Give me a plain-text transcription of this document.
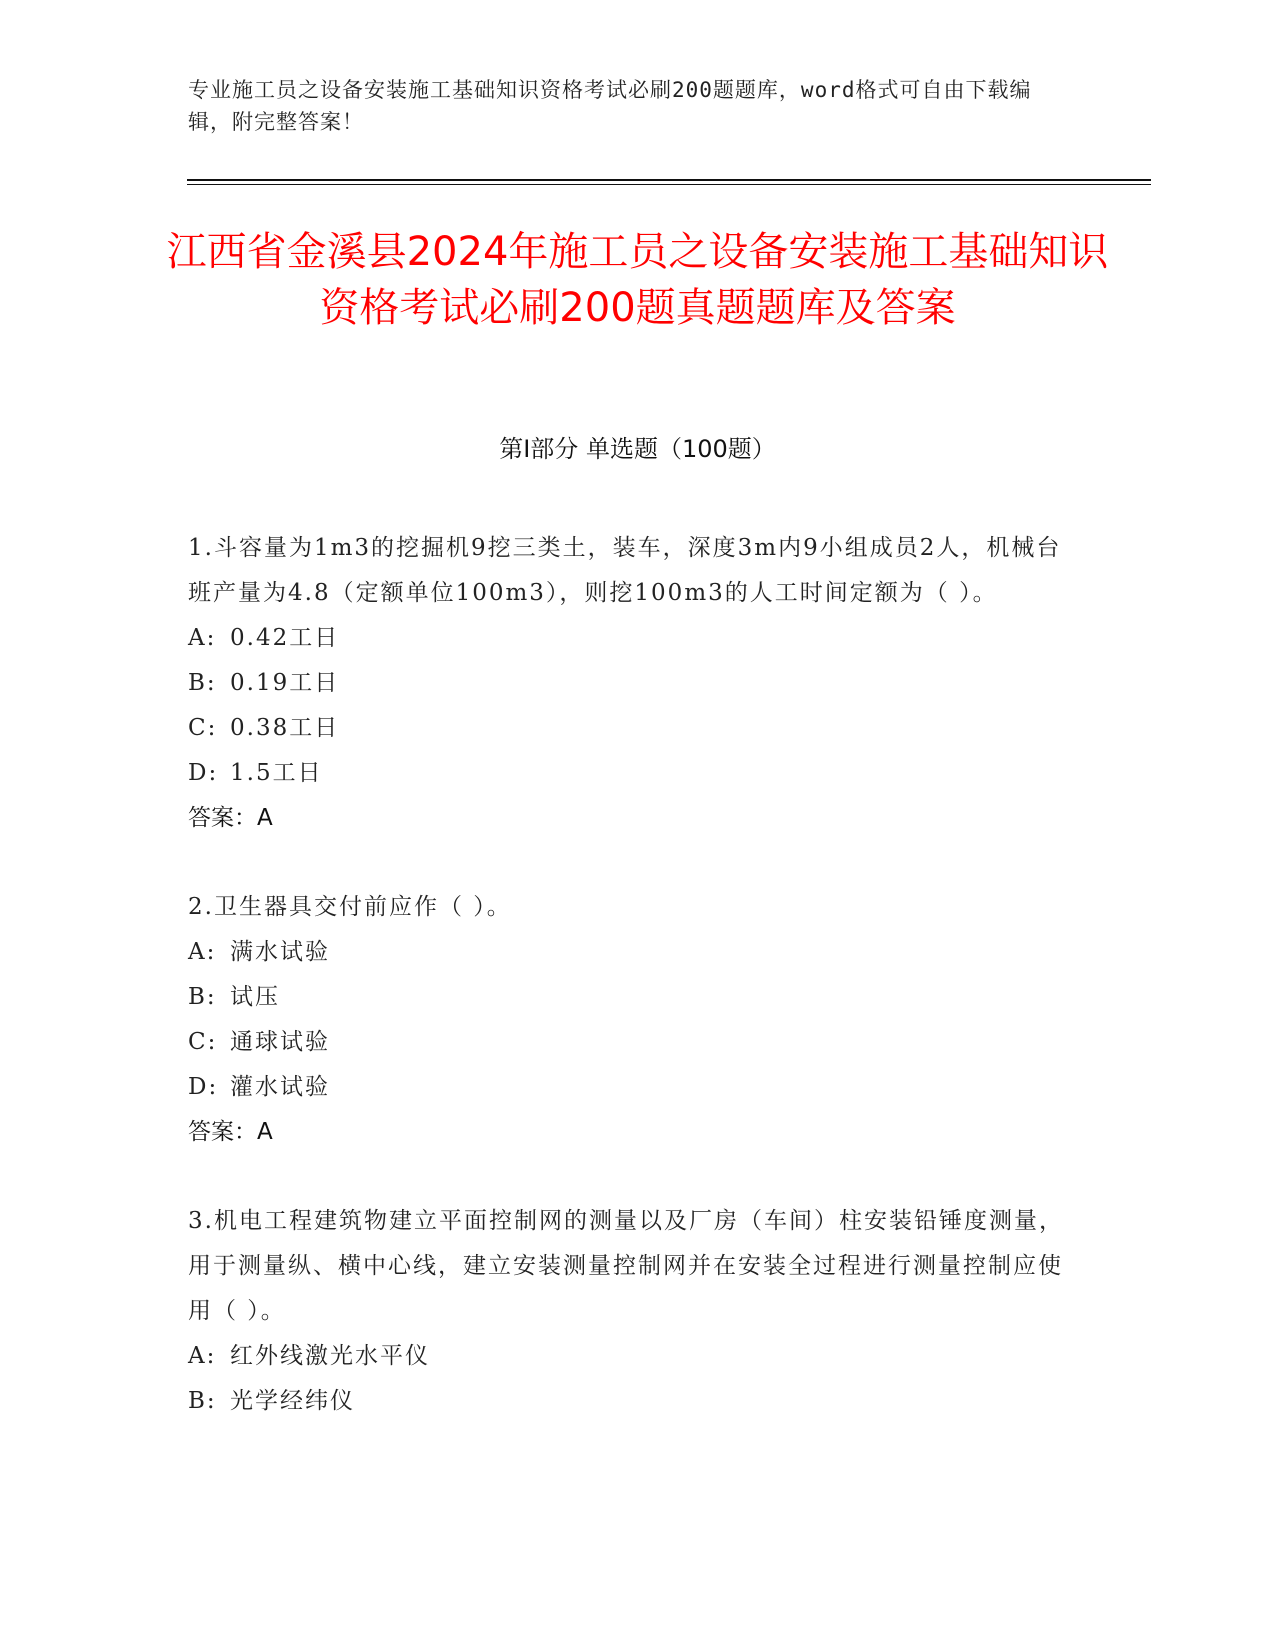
专业施工员之设备安装施工基础知识资格考试必刷200题题库，word格式可自由下载编辑，附完整答案！
江西省金溪县2024年施工员之设备安装施工基础知识资格考试必刷200题真题题库及答案
第Ⅰ部分 单选题（100题）
1.斗容量为1m3的挖掘机9挖三类土，装车，深度3m内9小组成员2人，机械台班产量为4.8（定额单位100m3），则挖100m3的人工时间定额为（ ）。
A: 0.42工日
B: 0.19工日
C: 0.38工日
D: 1.5工日
答案：A
2.卫生器具交付前应作（ ）。
A: 满水试验
B: 试压
C: 通球试验
D: 灌水试验
答案：A
3.机电工程建筑物建立平面控制网的测量以及厂房（车间）柱安装铅锤度测量，用于测量纵、横中心线，建立安装测量控制网并在安装全过程进行测量控制应使用（ ）。
A: 红外线激光水平仪
B: 光学经纬仪
